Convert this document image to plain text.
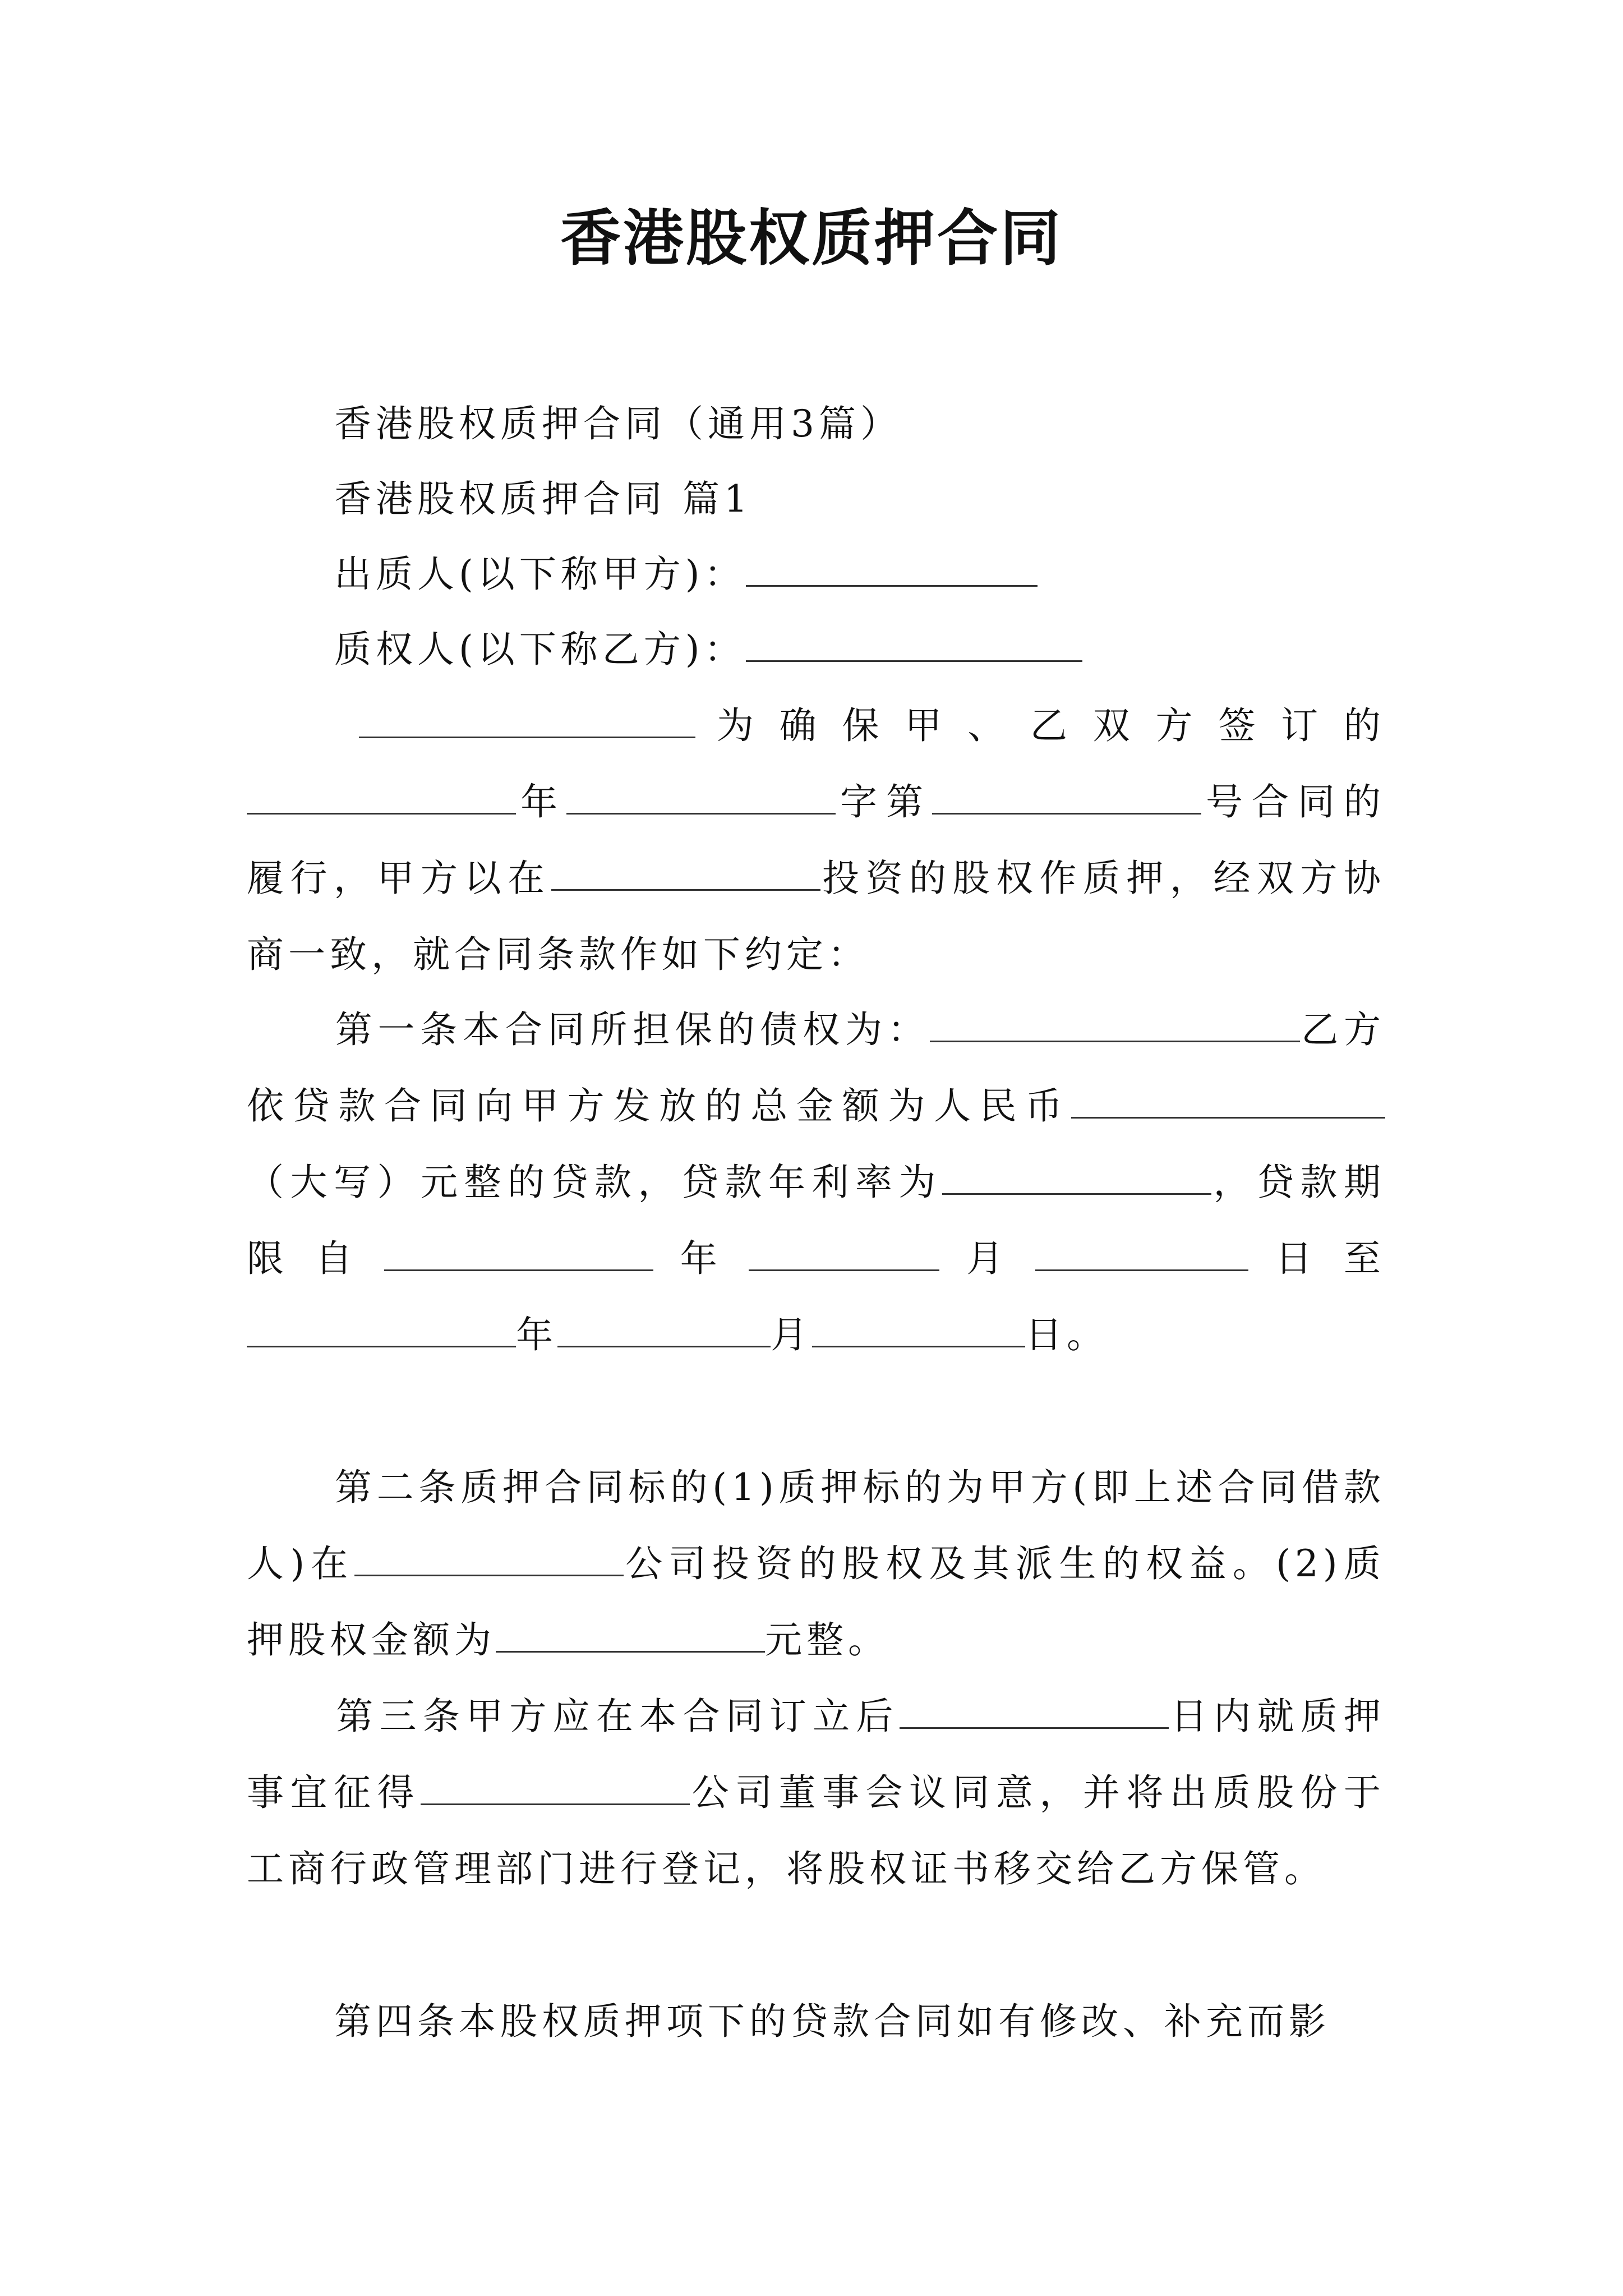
香港股权质押合同

香港股权质押合同（通用3篇）

香港股权质押合同 篇1

出质人(以下称甲方)：

质权人(以下称乙方)：

为确保甲、乙双方签订的年	字第	号合同的履行，甲方以在	投资的股权作质押，经双方协商一致，就合同条款作如下约定：

第一条本合同所担保的债权为：	乙方依贷款合同向甲方发放的总金额为人民币（大写）元整的贷款，贷款年利率为	，贷款期限自	年	月	日至年	月	日。

第二条质押合同标的(1)质押标的为甲方(即上述合同借款人)在	公司投资的股权及其派生的权益。(2)质押股权金额为	元整。

第三条甲方应在本合同订立后	日内就质押事宜征得	公司董事会议同意，并将出质股份于工商行政管理部门进行登记，将股权证书移交给乙方保管。

第四条本股权质押项下的贷款合同如有修改、补充而影
